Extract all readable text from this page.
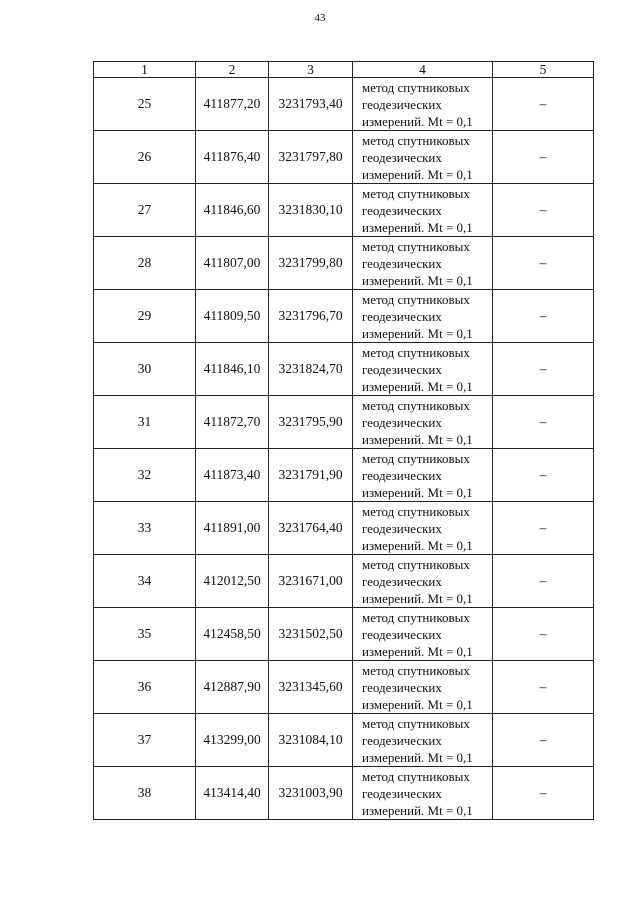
43
1	2	3	4	5
25	411877,20	3231793,40	метод спутниковых
геодезических
измерений. Mt = 0,1	–
26	411876,40	3231797,80	метод спутниковых
геодезических
измерений. Mt = 0,1	–
27	411846,60	3231830,10	метод спутниковых
геодезических
измерений. Mt = 0,1	–
28	411807,00	3231799,80	метод спутниковых
геодезических
измерений. Mt = 0,1	–
29	411809,50	3231796,70	метод спутниковых
геодезических
измерений. Mt = 0,1	–
30	411846,10	3231824,70	метод спутниковых
геодезических
измерений. Mt = 0,1	–
31	411872,70	3231795,90	метод спутниковых
геодезических
измерений. Mt = 0,1	–
32	411873,40	3231791,90	метод спутниковых
геодезических
измерений. Mt = 0,1	–
33	411891,00	3231764,40	метод спутниковых
геодезических
измерений. Mt = 0,1	–
34	412012,50	3231671,00	метод спутниковых
геодезических
измерений. Mt = 0,1	–
35	412458,50	3231502,50	метод спутниковых
геодезических
измерений. Mt = 0,1	–
36	412887,90	3231345,60	метод спутниковых
геодезических
измерений. Mt = 0,1	–
37	413299,00	3231084,10	метод спутниковых
геодезических
измерений. Mt = 0,1	–
38	413414,40	3231003,90	метод спутниковых
геодезических
измерений. Mt = 0,1	–
